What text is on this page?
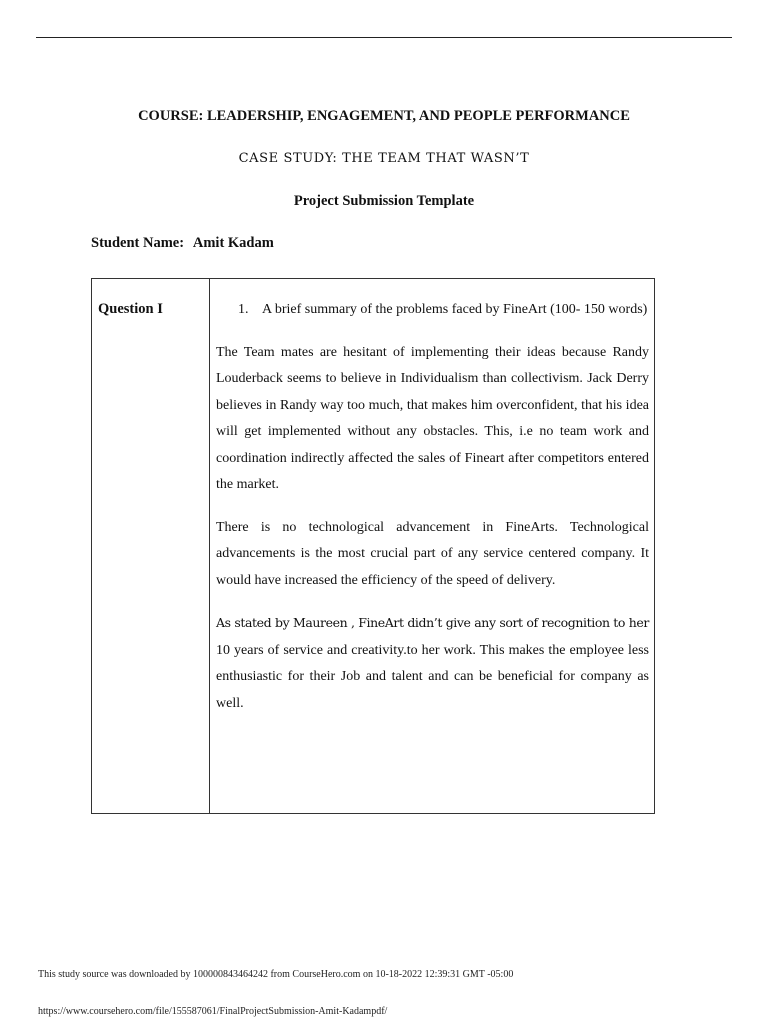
COURSE: LEADERSHIP, ENGAGEMENT, AND PEOPLE PERFORMANCE
CASE STUDY: THE TEAM THAT WASN’T
Project Submission Template
Student Name: Amit Kadam
Question I	1. A brief summary of the problems faced by FineArt (100- 150 words)

The Team mates are hesitant of implementing their ideas because Randy Louderback seems to believe in Individualism than collectivism. Jack Derry believes in Randy way too much, that makes him overconfident, that his idea will get implemented without any obstacles. This, i.e no team work and coordination indirectly affected the sales of Fineart after competitors entered the market.

There is no technological advancement in FineArts. Technological advancements is the most crucial part of any service centered company. It would have increased the efficiency of the speed of delivery.

As stated by Maureen , FineArt didn’t give any sort of recognition to her 10 years of service and creativity.to her work. This makes the employee less enthusiastic for their Job and talent and can be beneficial for company as well.

This study source was downloaded by 100000843464242 from CourseHero.com on 10-18-2022 12:39:31 GMT -05:00
https://www.coursehero.com/file/155587061/FinalProjectSubmission-Amit-Kadampdf/
